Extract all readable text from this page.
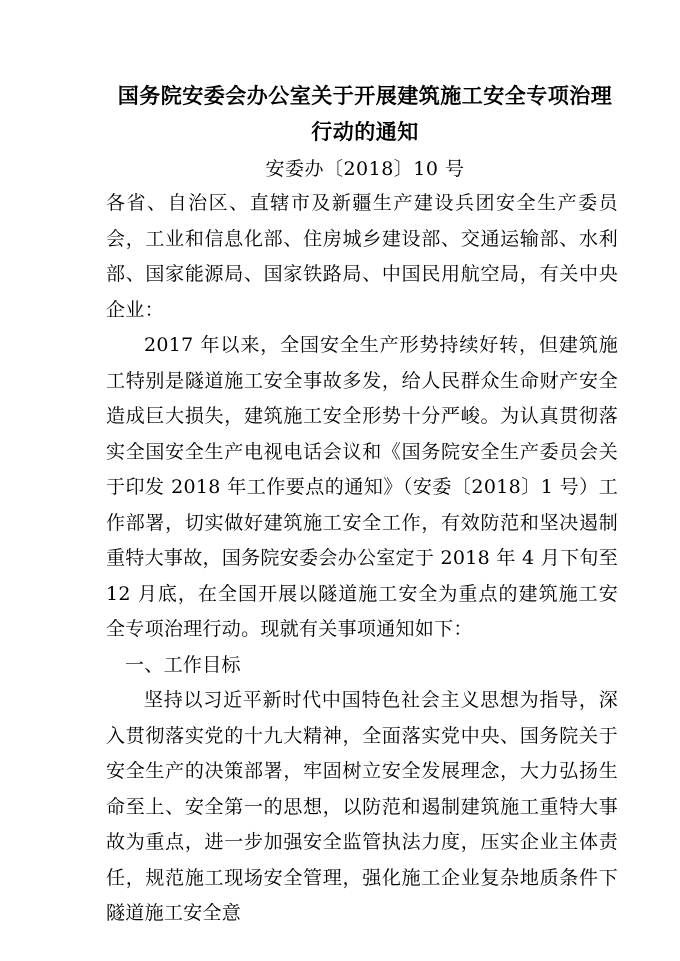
国务院安委会办公室关于开展建筑施工安全专项治理
行动的通知
安委办〔2018〕10 号

各省、自治区、直辖市及新疆生产建设兵团安全生产委员会，工业和信息化部、住房城乡建设部、交通运输部、水利部、国家能源局、国家铁路局、中国民用航空局，有关中央企业：

2017 年以来，全国安全生产形势持续好转，但建筑施工特别是隧道施工安全事故多发，给人民群众生命财产安全造成巨大损失，建筑施工安全形势十分严峻。为认真贯彻落实全国安全生产电视电话会议和《国务院安全生产委员会关于印发 2018 年工作要点的通知》（安委〔2018〕1 号）工作部署，切实做好建筑施工安全工作，有效防范和坚决遏制重特大事故，国务院安委会办公室定于 2018 年 4 月下旬至 12 月底，在全国开展以隧道施工安全为重点的建筑施工安全专项治理行动。现就有关事项通知如下：

一、工作目标

坚持以习近平新时代中国特色社会主义思想为指导，深入贯彻落实党的十九大精神，全面落实党中央、国务院关于安全生产的决策部署，牢固树立安全发展理念，大力弘扬生命至上、安全第一的思想，以防范和遏制建筑施工重特大事故为重点，进一步加强安全监管执法力度，压实企业主体责任，规范施工现场安全管理，强化施工企业复杂地质条件下隧道施工安全意
